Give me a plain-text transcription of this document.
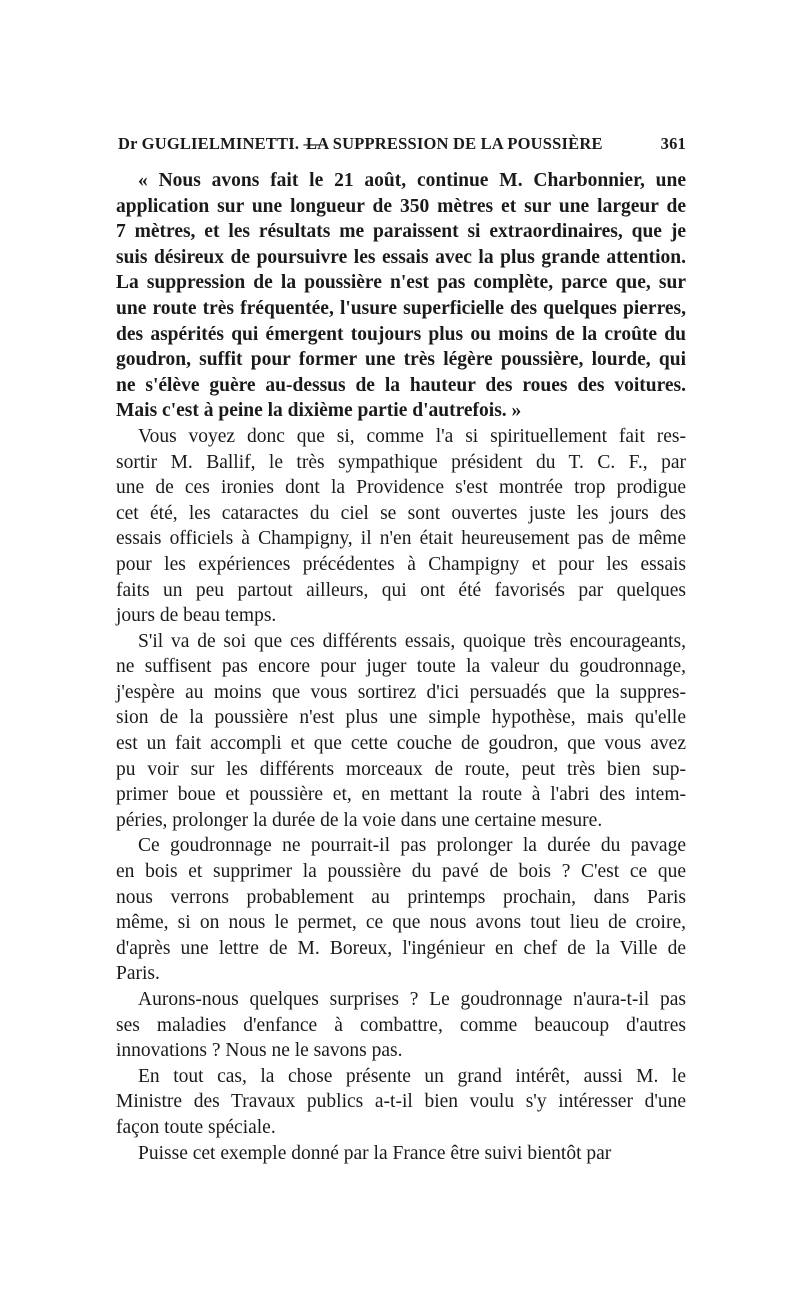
Dr GUGLIELMINETTI. —
LA SUPPRESSION DE LA POUSSIÈRE	361
« Nous avons fait le 21 août, continue M. Charbonnier, une
application sur une longueur de 350 mètres et sur une largeur de
7 mètres, et les résultats me paraissent si extraordinaires, que je
suis désireux de poursuivre les essais avec la plus grande attention.
La suppression de la poussière n'est pas complète, parce que, sur
une route très fréquentée, l'usure superficielle des quelques pierres,
des aspérités qui émergent toujours plus ou moins de la croûte du
goudron, suffit pour former une très légère poussière, lourde, qui
ne s'élève guère au-dessus de la hauteur des roues des voitures.
Mais c'est à peine la dixième partie d'autrefois. »
Vous voyez donc que si, comme l'a si spirituellement fait res-
sortir M. Ballif, le très sympathique président du T. C. F., par
une de ces ironies dont la Providence s'est montrée trop prodigue
cet été, les cataractes du ciel se sont ouvertes juste les jours des
essais officiels à Champigny, il n'en était heureusement pas de même
pour les expériences précédentes à Champigny et pour les essais
faits un peu partout ailleurs, qui ont été favorisés par quelques
jours de beau temps.
S'il va de soi que ces différents essais, quoique très encourageants,
ne suffisent pas encore pour juger toute la valeur du goudronnage,
j'espère au moins que vous sortirez d'ici persuadés que la suppres-
sion de la poussière n'est plus une simple hypothèse, mais qu'elle
est un fait accompli et que cette couche de goudron, que vous avez
pu voir sur les différents morceaux de route, peut très bien sup-
primer boue et poussière et, en mettant la route à l'abri des intem-
péries, prolonger la durée de la voie dans une certaine mesure.
Ce goudronnage ne pourrait-il pas prolonger la durée du pavage
en bois et supprimer la poussière du pavé de bois ? C'est ce que
nous verrons probablement au printemps prochain, dans Paris
même, si on nous le permet, ce que nous avons tout lieu de croire,
d'après une lettre de M. Boreux, l'ingénieur en chef de la Ville de
Paris.
Aurons-nous quelques surprises ? Le goudronnage n'aura-t-il pas
ses maladies d'enfance à combattre, comme beaucoup d'autres
innovations ? Nous ne le savons pas.
En tout cas, la chose présente un grand intérêt, aussi M. le
Ministre des Travaux publics a-t-il bien voulu s'y intéresser d'une
façon toute spéciale.
Puisse cet exemple donné par la France être suivi bientôt par
